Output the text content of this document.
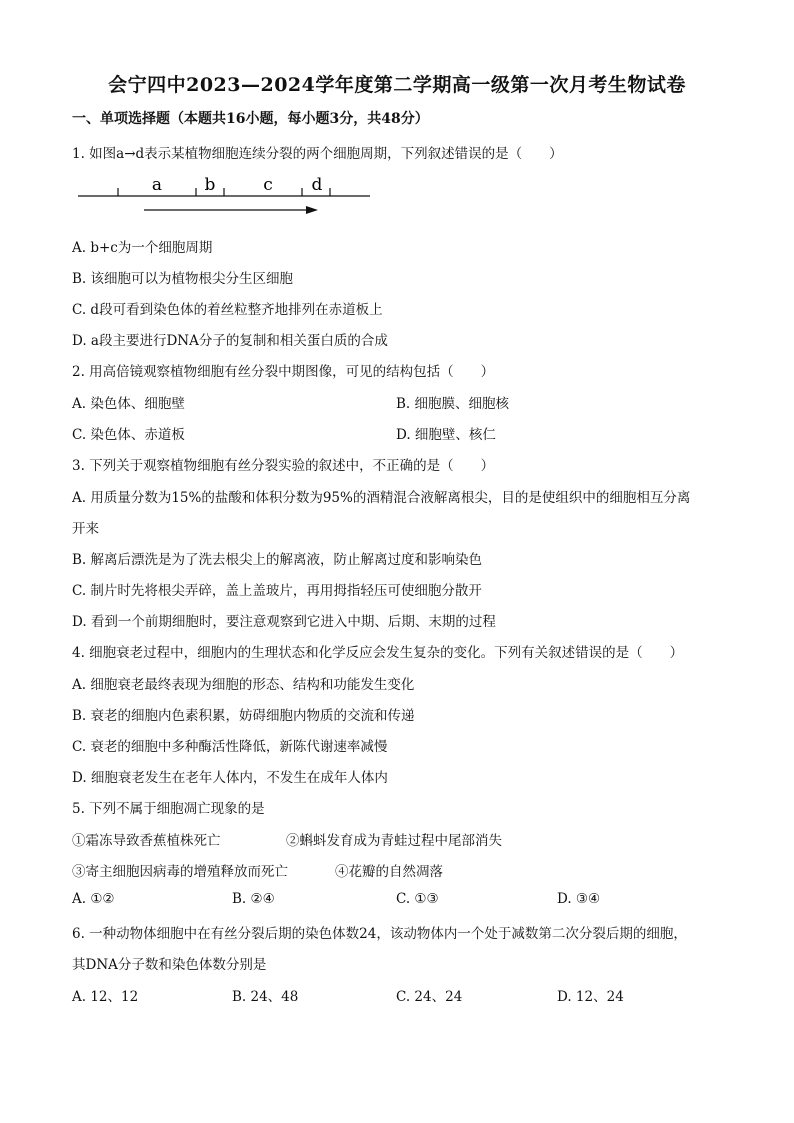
会宁四中2023—2024学年度第二学期高一级第一次月考生物试卷
一、单项选择题（本题共16小题，每小题3分，共48分）
1. 如图a→d表示某植物细胞连续分裂的两个细胞周期，下列叙述错误的是（　　）
a b	c d
A. b+c为一个细胞周期
B. 该细胞可以为植物根尖分生区细胞
C. d段可看到染色体的着丝粒整齐地排列在赤道板上
D. a段主要进行DNA分子的复制和相关蛋白质的合成
2. 用高倍镜观察植物细胞有丝分裂中期图像，可见的结构包括（　　）
A. 染色体、细胞壁	B. 细胞膜、细胞核
C. 染色体、赤道板	D. 细胞壁、核仁
3. 下列关于观察植物细胞有丝分裂实验的叙述中，不正确的是（　　）
A. 用质量分数为15%的盐酸和体积分数为95%的酒精混合液解离根尖，目的是使组织中的细胞相互分离
开来
B. 解离后漂洗是为了洗去根尖上的解离液，防止解离过度和影响染色
C. 制片时先将根尖弄碎，盖上盖玻片，再用拇指轻压可使细胞分散开
D. 看到一个前期细胞时，要注意观察到它进入中期、后期、末期的过程
4. 细胞衰老过程中，细胞内的生理状态和化学反应会发生复杂的变化。下列有关叙述错误的是（　　）
A. 细胞衰老最终表现为细胞的形态、结构和功能发生变化
B. 衰老的细胞内色素积累，妨碍细胞内物质的交流和传递
C. 衰老的细胞中多种酶活性降低，新陈代谢速率减慢
D. 细胞衰老发生在老年人体内，不发生在成年人体内
5. 下列不属于细胞凋亡现象的是
①霜冻导致香蕉植株死亡	②蝌蚪发育成为青蛙过程中尾部消失
③寄主细胞因病毒的增殖释放而死亡	④花瓣的自然凋落
A. ①②	B. ②④	C. ①③	D. ③④
6. 一种动物体细胞中在有丝分裂后期的染色体数24，该动物体内一个处于减数第二次分裂后期的细胞，
其DNA分子数和染色体数分别是
A. 12、12	B. 24、48	C. 24、24	D. 12、24
